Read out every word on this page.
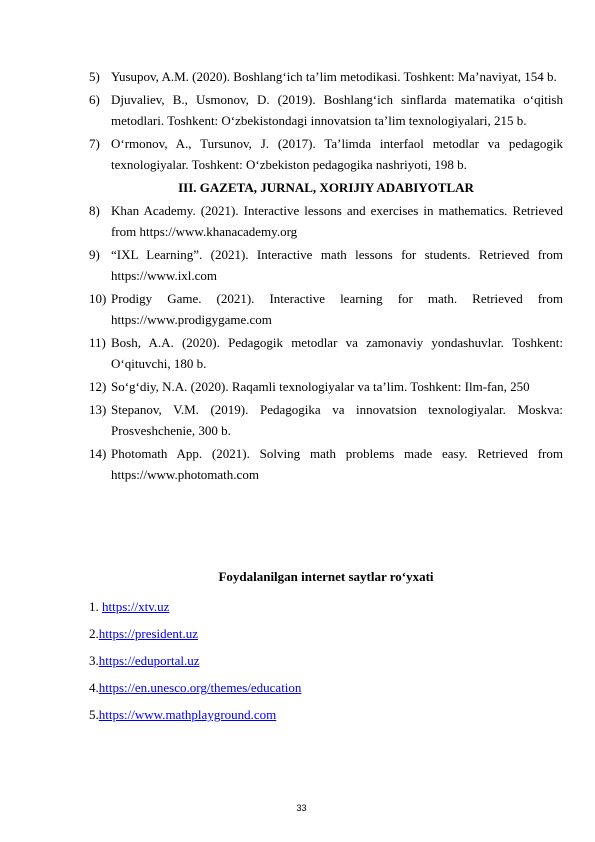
5) Yusupov, A.M. (2020). Boshlang‘ich ta’lim metodikasi. Toshkent: Ma’naviyat, 154 b.

6) Djuvaliev, B., Usmonov, D. (2019). Boshlang‘ich sinflarda matematika o‘qitish metodlari. Toshkent: O‘zbekistondagi innovatsion ta’lim texnologiyalari, 215 b.

7) O‘rmonov, A., Tursunov, J. (2017). Ta’limda interfaol metodlar va pedagogik texnologiyalar. Toshkent: O‘zbekiston pedagogika nashriyoti, 198 b.

III. GAZETA, JURNAL, XORIJIY ADABIYOTLAR

8) Khan Academy. (2021). Interactive lessons and exercises in mathematics. Retrieved from https://www.khanacademy.org

9) “IXL Learning”. (2021). Interactive math lessons for students. Retrieved from https://www.ixl.com

10) Prodigy Game. (2021). Interactive learning for math. Retrieved from https://www.prodigygame.com

11) Bosh, A.A. (2020). Pedagogik metodlar va zamonaviy yondashuvlar. Toshkent: O‘qituvchi, 180 b.

12) So‘g‘diy, N.A. (2020). Raqamli texnologiyalar va ta’lim. Toshkent: Ilm-fan, 250

13) Stepanov, V.M. (2019). Pedagogika va innovatsion texnologiyalar. Moskva: Prosveshchenie, 300 b.

14) Photomath App. (2021). Solving math problems made easy. Retrieved from https://www.photomath.com

Foydalanilgan internet saytlar ro‘yxati
1. https://xtv.uz
2.https://president.uz
3.https://eduportal.uz
4.https://en.unesco.org/themes/education
5.https://www.mathplayground.com
33
